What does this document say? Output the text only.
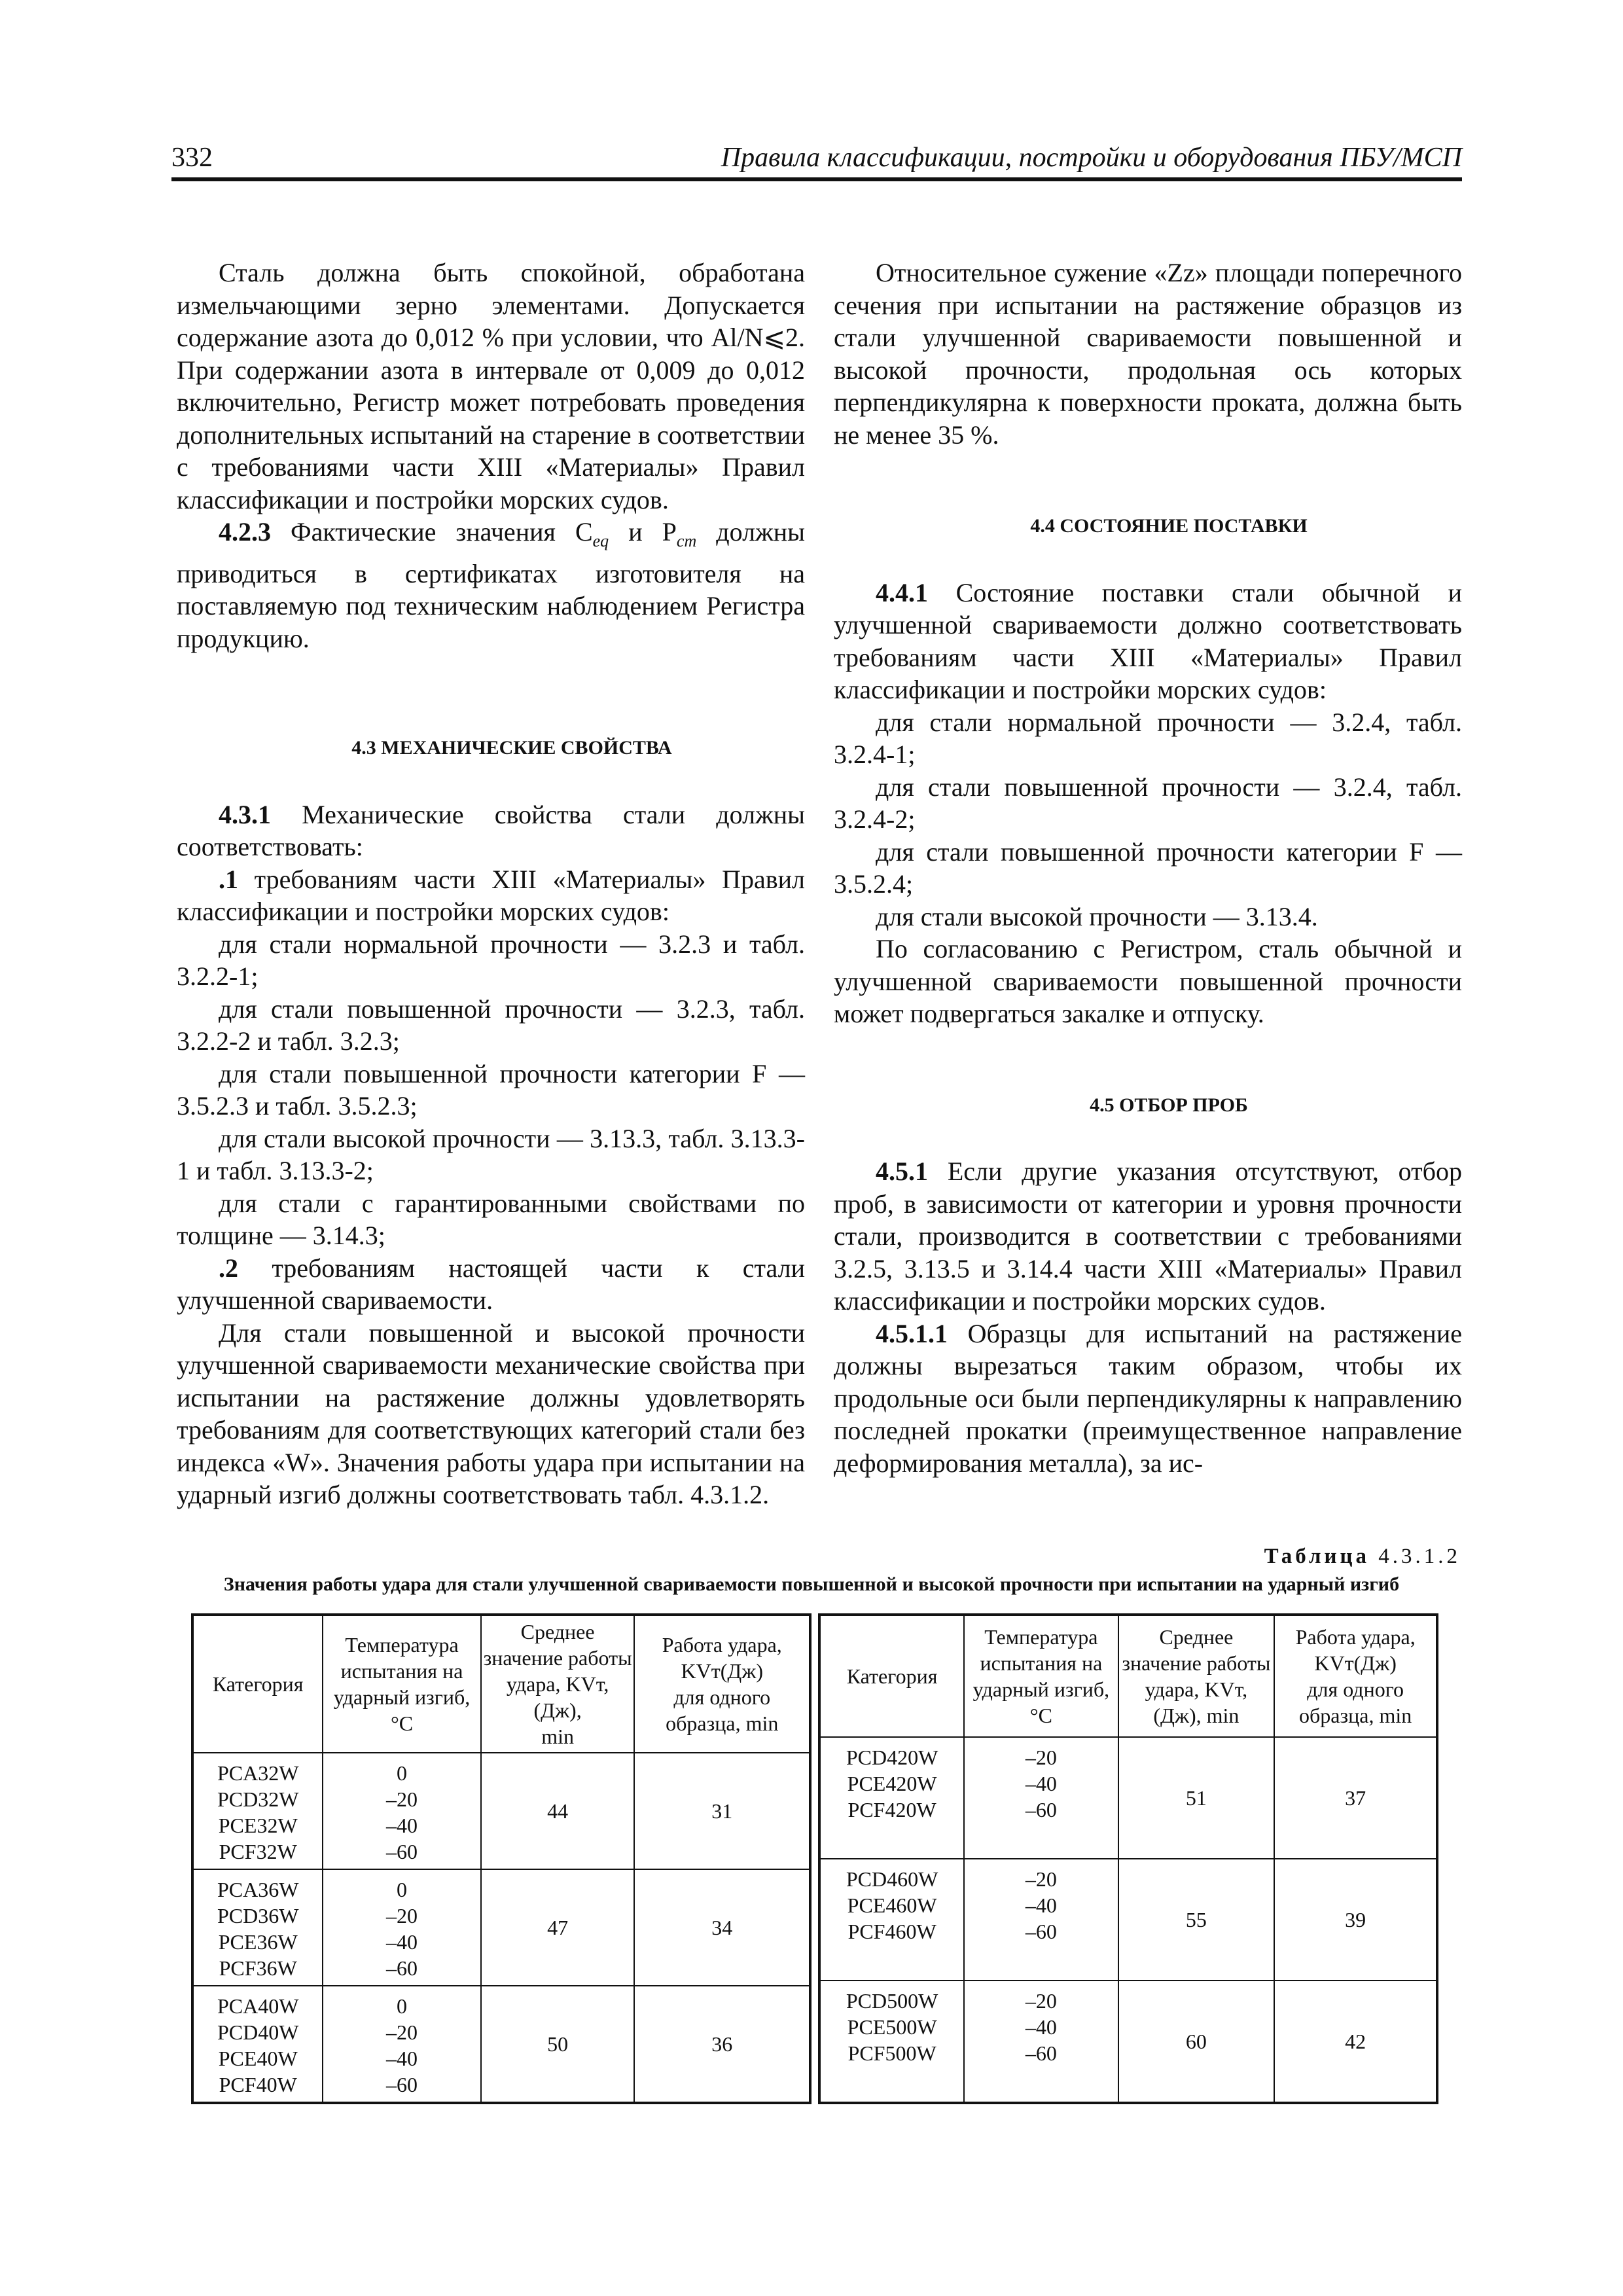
332	Правила классификации, постройки и оборудования ПБУ/МСП

Сталь должна быть спокойной, обработана измельчающими зерно элементами. Допускается содержание азота до 0,012 % при условии, что Al/N⩽2. При содержании азота в интервале от 0,009 до 0,012 включительно, Регистр может потребовать проведения дополнительных испытаний на старение в соответствии с требованиями части XIII «Материалы» Правил классификации и постройки морских судов.

4.2.3 Фактические значения $C_{eq}$ и $P_{cm}$ должны приводиться в сертификатах изготовителя на поставляемую под техническим наблюдением Регистра продукцию.

4.3 МЕХАНИЧЕСКИЕ СВОЙСТВА

4.3.1 Механические свойства стали должны соответствовать:

.1 требованиям части XIII «Материалы» Правил классификации и постройки морских судов:

для стали нормальной прочности — 3.2.3 и табл. 3.2.2-1;

для стали повышенной прочности — 3.2.3, табл. 3.2.2-2 и табл. 3.2.3;

для стали повышенной прочности категории F — 3.5.2.3 и табл. 3.5.2.3;

для стали высокой прочности — 3.13.3, табл. 3.13.3-1 и табл. 3.13.3-2;

для стали с гарантированными свойствами по толщине — 3.14.3;

.2 требованиям настоящей части к стали улучшенной свариваемости.

Для стали повышенной и высокой прочности улучшенной свариваемости механические свойства при испытании на растяжение должны удовлетворять требованиям для соответствующих категорий стали без индекса «W». Значения работы удара при испытании на ударный изгиб должны соответствовать табл. 4.3.1.2.

Относительное сужение «Zz» площади поперечного сечения при испытании на растяжение образцов из стали улучшенной свариваемости повышенной и высокой прочности, продольная ось которых перпендикулярна к поверхности проката, должна быть не менее 35 %.

4.4 СОСТОЯНИЕ ПОСТАВКИ

4.4.1 Состояние поставки стали обычной и улучшенной свариваемости должно соответствовать требованиям части XIII «Материалы» Правил классификации и постройки морских судов:

для стали нормальной прочности — 3.2.4, табл. 3.2.4-1;

для стали повышенной прочности — 3.2.4, табл. 3.2.4-2;

для стали повышенной прочности категории F — 3.5.2.4;

для стали высокой прочности — 3.13.4.

По согласованию с Регистром, сталь обычной и улучшенной свариваемости повышенной прочности может подвергаться закалке и отпуску.

4.5 ОТБОР ПРОБ

4.5.1 Если другие указания отсутствуют, отбор проб, в зависимости от категории и уровня прочности стали, производится в соответствии с требованиями 3.2.5, 3.13.5 и 3.14.4 части XIII «Материалы» Правил классификации и постройки морских судов.

4.5.1.1 Образцы для испытаний на растяжение должны вырезаться таким образом, чтобы их продольные оси были перпендикулярны к направлению последней прокатки (преимущественное направление деформирования металла), за ис-

Таблица 4.3.1.2
Значения работы удара для стали улучшенной свариваемости повышенной и высокой прочности при испытании на ударный изгиб
Категория	Температура
испытания на
ударный изгиб,
°С	Среднее
значение работы
удара, KVт,(Дж),
min	Работа удара,
KVт(Дж)
для одного
образца, min

PCA32W
PCD32W
PCE32W
PCF32W	0
–20
–40
–60	44	31

PCA36W
PCD36W
PCE36W
PCF36W	0
–20
–40
–60	47	34

PCA40W
PCD40W
PCE40W
PCF40W	0
–20
–40
–60	50	36
Категория	Температура
испытания на
ударный изгиб,
°С	Среднее
значение работы
удара, KVт,
(Дж), min	Работа удара,
KVт(Дж)
для одного
образца, min

PCD420W
PCE420W
PCF420W	–20
–40
–60	51	37

PCD460W
PCE460W
PCF460W	–20
–40
–60	55	39

PCD500W
PCE500W
PCF500W	–20
–40
–60	60	42
